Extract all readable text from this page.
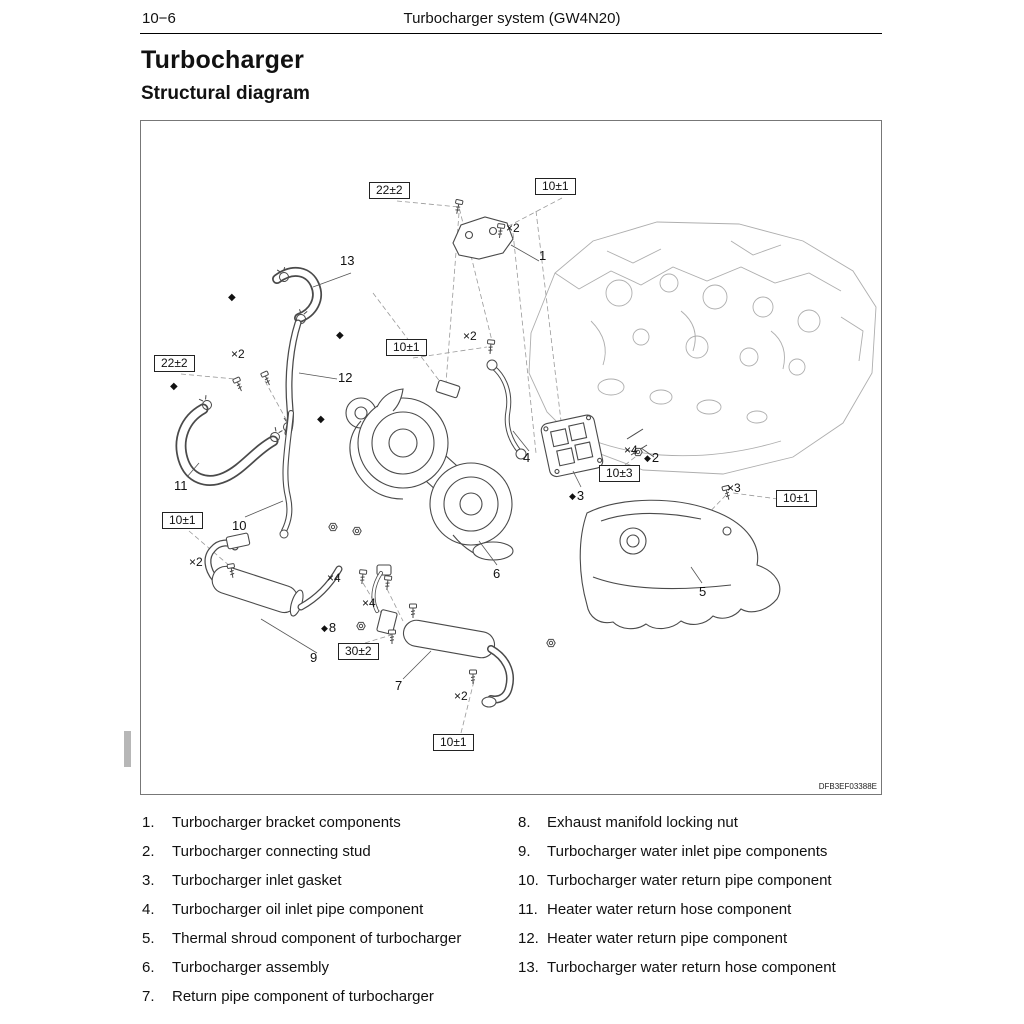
10−6	Turbocharger system (GW4N20)
Turbocharger
Structural diagram
22±2	10±1
10±1
22±2
10±3
10±1
10±1
30±2
10±1
×2
×2
×2
×4
×3
×2
×4
×4
×2
1
◆2
◆3
4
5
6
7
◆8
9
10
11
12
13
◆
◆
◆
◆
DFB3EF03388E
1.	Turbocharger bracket components
2.	Turbocharger connecting stud
3.	Turbocharger inlet gasket
4.	Turbocharger oil inlet pipe component
5.	Thermal shroud component of turbocharger
6.	Turbocharger assembly
7.	Return pipe component of turbocharger
8.	Exhaust manifold locking nut
9.	Turbocharger water inlet pipe components
10. Turbocharger water return pipe component
11. Heater water return hose component
12. Heater water return pipe component
13. Turbocharger water return hose component
